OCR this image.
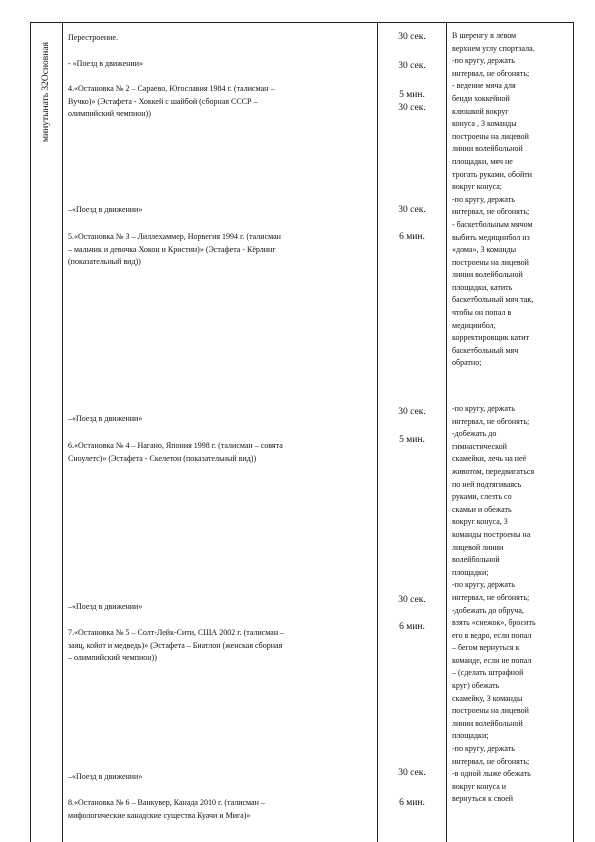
минутынать 32Основная
Перестроение.
- «Поезд в движении»
4.«Остановка № 2 – Сараево, Югославия 1984 г. (талисман –
Вучко)» (Эстафета - Хоккей с шайбой (сборная СССР –
олимпийский чемпион))
–«Поезд в движении»
5.«Остановка № 3 – Лиллехаммер, Норвегия 1994 г. (талисман
– мальчик и девочка Хокон и Кристин)» (Эстафета - Кёрлинг
(показательный вид))
–«Поезд в движении»
6.«Остановка № 4 – Нагано, Япония 1998 г. (талисман – совята
Сноулетс)» (Эстафета - Скелетон (показательный вид))
–«Поезд в движении»
7.«Остановка № 5 – Солт-Лейк-Сити, США 2002 г. (талисман –
заяц, койот и медведь)» (Эстафета – Биатлон (женская сборная
– олимпийский чемпион))
–«Поезд в движении»
8.«Остановка № 6 – Ванкувер, Канада 2010 г. (талисман –
мифологические канадские существа Куачи и Мига)»
30 сек.
30 сек.
5 мин.
30 сек.
30 сек.
6 мин.
30 сек.
5 мин.
30 сек.
6 мин.
30 сек.
6 мин.
В шеренгу в левом
верхнем углу спортзала.
-по кругу, держать
интервал, не обгонять;
- ведение мяча для
бенди хоккейной
клюшкой вокруг
конуса , 3 команды
построены на лицевой
линии волейбольной
площадки, мяч не
трогать руками, обойти
вокруг конуса;
-по кругу, держать
интервал, не обгонять;
- баскетбольным мячом
выбить медицинбол из
«дома», 3 команды
построены на лицевой
линии волейбольной
площадки, катить
баскетбольный мяч так,
чтобы он попал в
медицинбол,
корректировщик катит
баскетбольный мяч
обратно;
-по кругу, держать
интервал, не обгонять;
-добежать до
гимнастической
скамейки, лечь на неё
животом, передвигаться
по ней подтягиваясь
руками, слезть со
скамьи и обежать
вокруг конуса, 3
команды построены на
лицевой линии
волейбольной
площадки;
-по кругу, держать
интервал, не обгонять;
-добежать до обруча,
взять «снежок», бросить
его в ведро, если попал
– бегом вернуться к
команде, если не попал
– (сделать штрафной
круг) обежать
скамейку, 3 команды
построены на лицевой
линии волейбольной
площадки;
-по кругу, держать
интервал, не обгонять;
-в одной лыже обежать
вокруг конуса и
вернуться к своей
